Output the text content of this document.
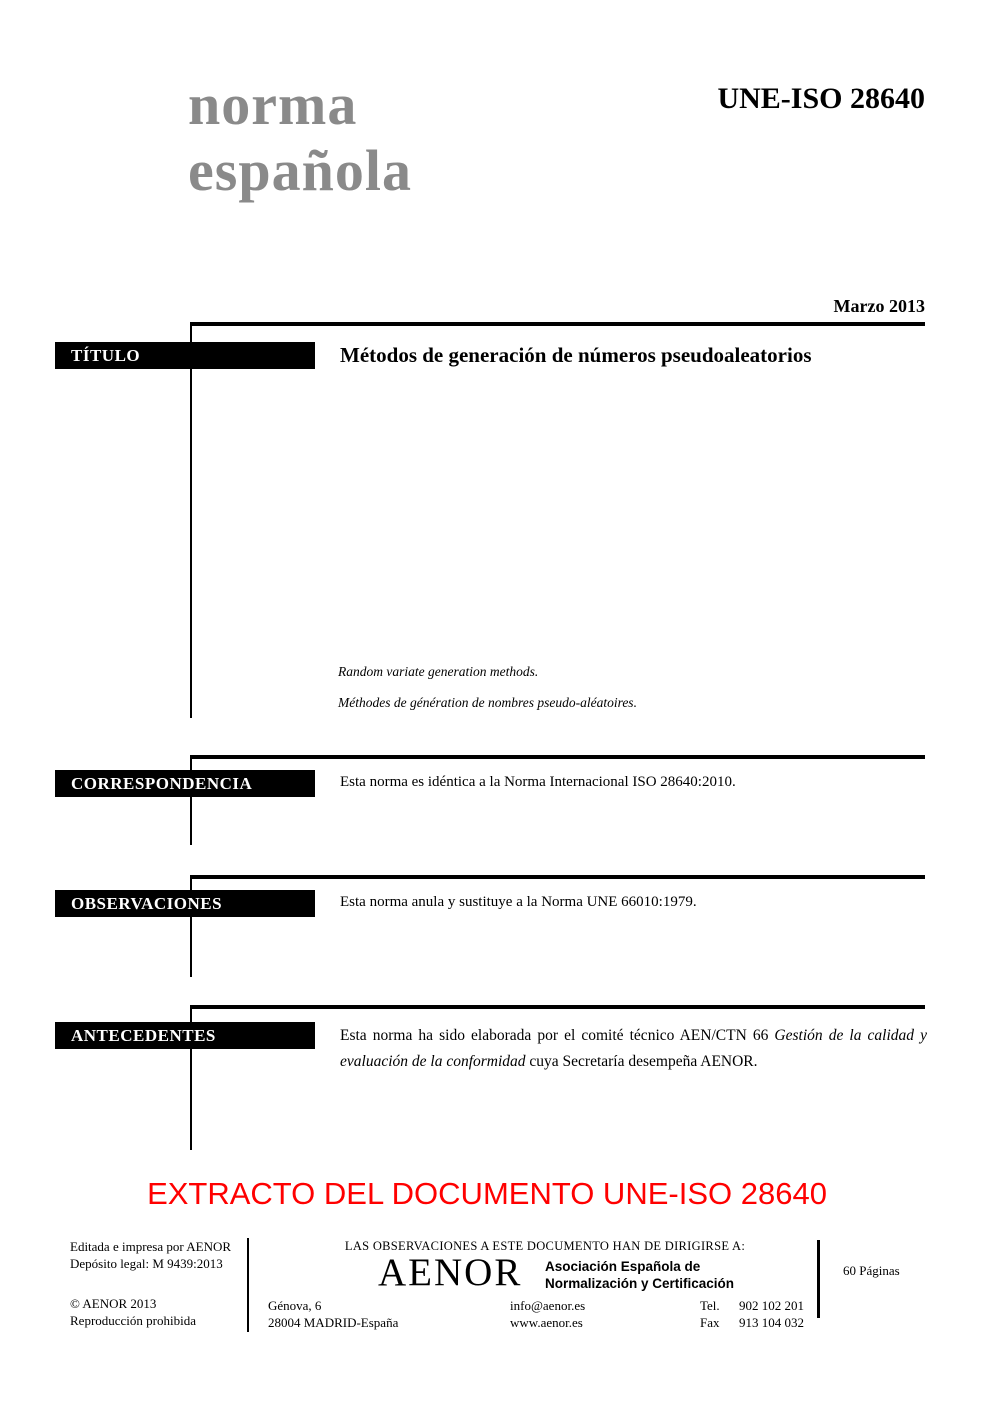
norma
española
UNE-ISO 28640
Marzo 2013
TÍTULO	Métodos de generación de números pseudoaleatorios
Random variate generation methods.
Méthodes de génération de nombres pseudo-aléatoires.
CORRESPONDENCIA	Esta norma es idéntica a la Norma Internacional ISO 28640:2010.
OBSERVACIONES	Esta norma anula y sustituye a la Norma UNE 66010:1979.
ANTECEDENTES	Esta norma ha sido elaborada por el comité técnico AEN/CTN 66 Gestión de la calidad y evaluación de la conformidad cuya Secretaría desempeña AENOR.
EXTRACTO DEL DOCUMENTO UNE-ISO 28640
Editada e impresa por AENOR
Depósito legal: M 9439:2013
© AENOR 2013
Reproducción prohibida
LAS OBSERVACIONES A ESTE DOCUMENTO HAN DE DIRIGIRSE A:
AENOR Asociación Española de
Normalización y Certificación
Génova, 6
28004 MADRID-España
info@aenor.es
www.aenor.es
Tel. 902 102 201
Fax 913 104 032
60 Páginas
